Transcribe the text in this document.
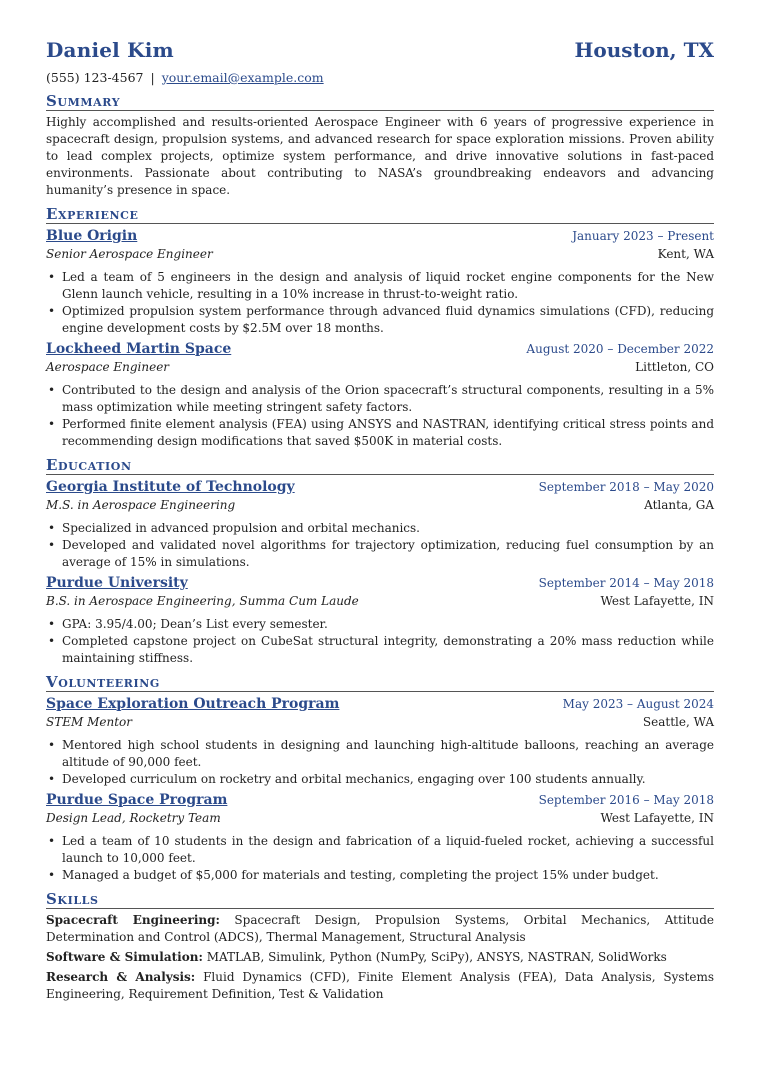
Daniel Kim	Houston, TX
(555) 123-4567 | your.email@example.com
Summary
Highly accomplished and results-oriented Aerospace Engineer with 6 years of progressive experience in spacecraft design, propulsion systems, and advanced research for space exploration missions. Proven ability to lead complex projects, optimize system performance, and drive innovative solutions in fast-paced environments. Passionate about contributing to NASA’s groundbreaking endeavors and advancing humanity’s presence in space.
Experience
Blue Origin	January 2023 – Present
Senior Aerospace Engineer	Kent, WA
• Led a team of 5 engineers in the design and analysis of liquid rocket engine components for the New Glenn launch vehicle, resulting in a 10% increase in thrust-to-weight ratio.
• Optimized propulsion system performance through advanced fluid dynamics simulations (CFD), reducing engine development costs by $2.5M over 18 months.
Lockheed Martin Space	August 2020 – December 2022
Aerospace Engineer	Littleton, CO
• Contributed to the design and analysis of the Orion spacecraft’s structural components, resulting in a 5% mass optimization while meeting stringent safety factors.
• Performed finite element analysis (FEA) using ANSYS and NASTRAN, identifying critical stress points and recommending design modifications that saved $500K in material costs.
Education
Georgia Institute of Technology	September 2018 – May 2020
M.S. in Aerospace Engineering	Atlanta, GA
• Specialized in advanced propulsion and orbital mechanics.
• Developed and validated novel algorithms for trajectory optimization, reducing fuel consumption by an average of 15% in simulations.
Purdue University	September 2014 – May 2018
B.S. in Aerospace Engineering, Summa Cum Laude	West Lafayette, IN
• GPA: 3.95/4.00; Dean’s List every semester.
• Completed capstone project on CubeSat structural integrity, demonstrating a 20% mass reduction while maintaining stiffness.
Volunteering
Space Exploration Outreach Program	May 2023 – August 2024
STEM Mentor	Seattle, WA
• Mentored high school students in designing and launching high-altitude balloons, reaching an average altitude of 90,000 feet.
• Developed curriculum on rocketry and orbital mechanics, engaging over 100 students annually.
Purdue Space Program	September 2016 – May 2018
Design Lead, Rocketry Team	West Lafayette, IN
• Led a team of 10 students in the design and fabrication of a liquid-fueled rocket, achieving a successful launch to 10,000 feet.
• Managed a budget of $5,000 for materials and testing, completing the project 15% under budget.
Skills
Spacecraft Engineering: Spacecraft Design, Propulsion Systems, Orbital Mechanics, Attitude Determination and Control (ADCS), Thermal Management, Structural Analysis
Software & Simulation: MATLAB, Simulink, Python (NumPy, SciPy), ANSYS, NASTRAN, SolidWorks
Research & Analysis: Fluid Dynamics (CFD), Finite Element Analysis (FEA), Data Analysis, Systems Engineering, Requirement Definition, Test & Validation
